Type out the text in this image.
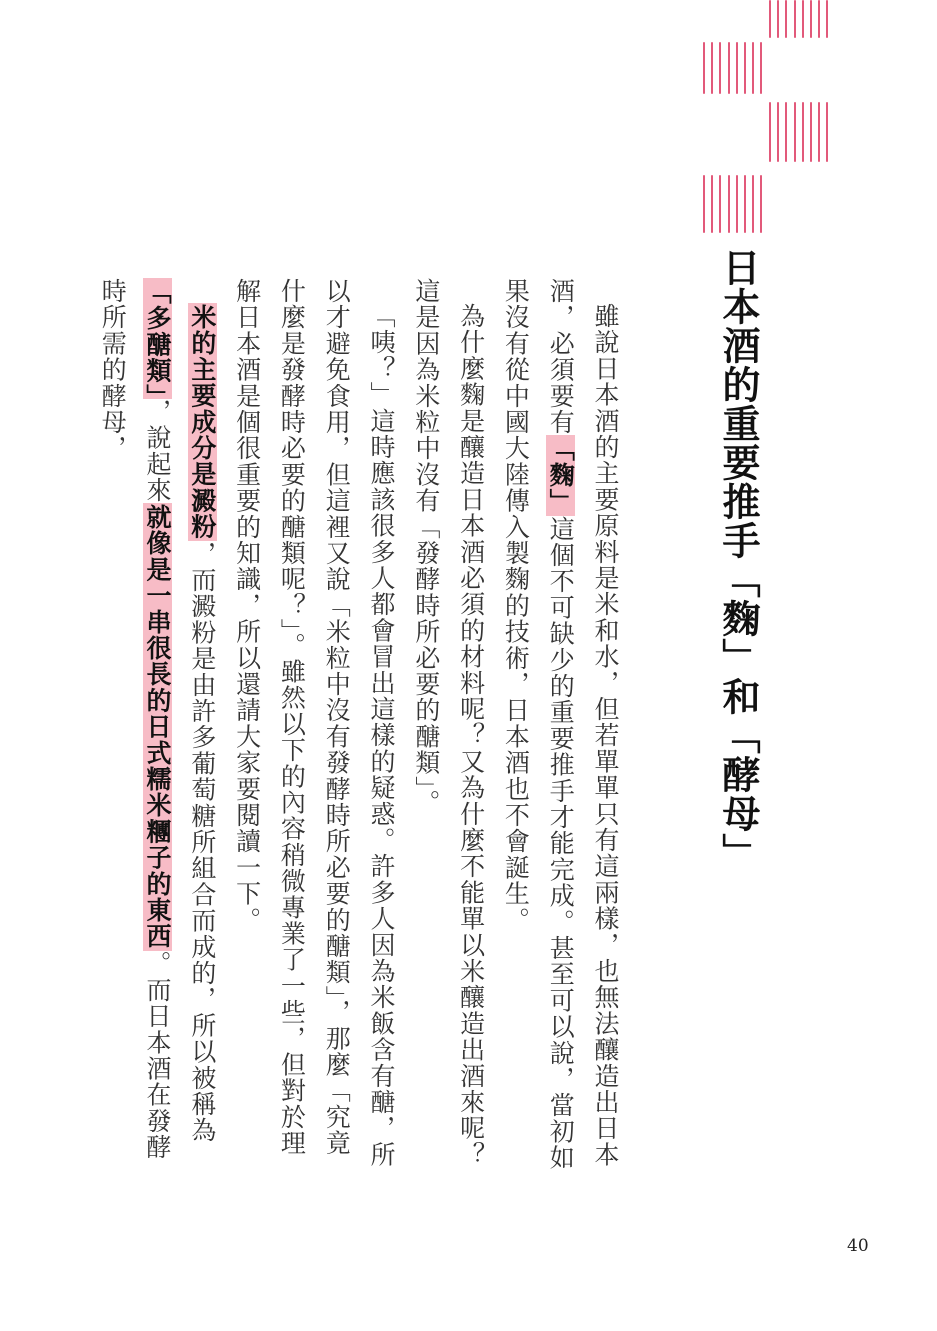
日本酒的重要推手「麴」和「酵母」

雖說日本酒的主要原料是米和水，但若單單只有這兩樣，也無法釀造出日本酒，必須要有「麴」這個不可缺少的重要推手才能完成。甚至可以說，當初如果沒有從中國大陸傳入製麴的技術，日本酒也不會誕生。

為什麼麴是釀造日本酒必須的材料呢？又為什麼不能單以米釀造出酒來呢？這是因為米粒中沒有「發酵時所必要的醣類」。

「咦？」這時應該很多人都會冒出這樣的疑惑。許多人因為米飯含有醣，所以才避免食用，但這裡又說「米粒中沒有發酵時所必要的醣類」，那麼「究竟什麼是發酵時必要的醣類呢？」。雖然以下的內容稍微專業了一些，但對於理解日本酒是個很重要的知識，所以還請大家要閱讀一下。

米的主要成分是澱粉，而澱粉是由許多葡萄糖所組合而成的，所以被稱為「多醣類」，說起來就像是一串很長的日式糯米糰子的東西。而日本酒在發酵時所需的酵母，

40
